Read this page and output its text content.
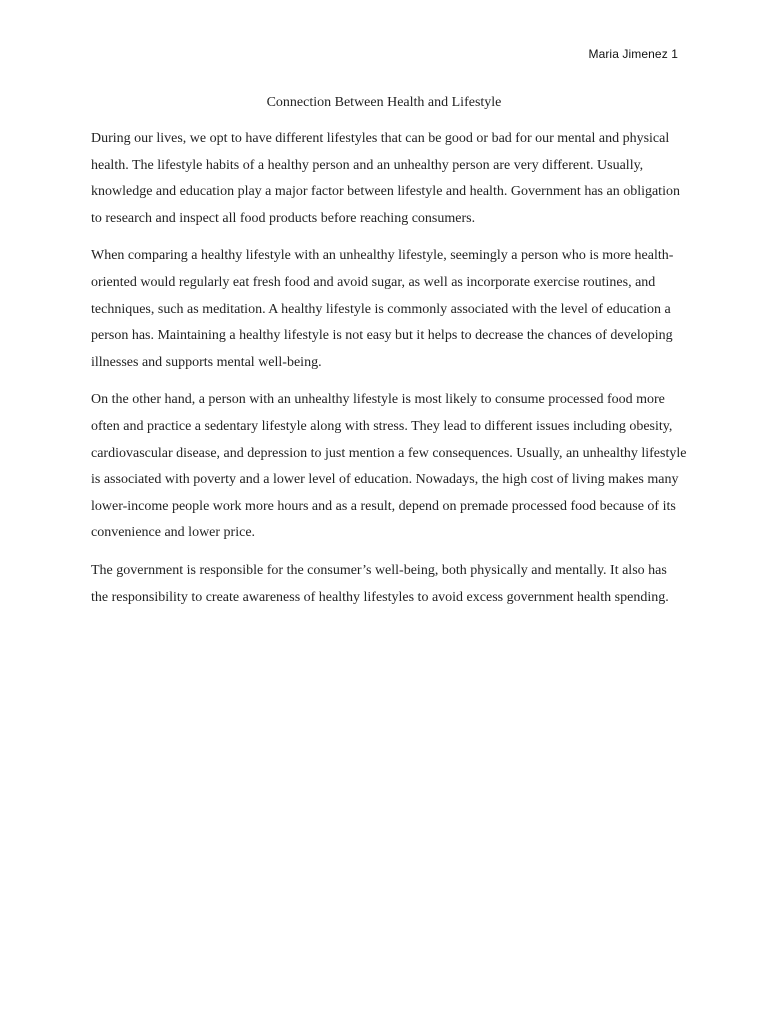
Maria Jimenez 1
Connection Between Health and Lifestyle

During our lives, we opt to have different lifestyles that can be good or bad for our mental and physical health. The lifestyle habits of a healthy person and an unhealthy person are very different. Usually, knowledge and education play a major factor between lifestyle and health. Government has an obligation to research and inspect all food products before reaching consumers.

When comparing a healthy lifestyle with an unhealthy lifestyle, seemingly a person who is more health-oriented would regularly eat fresh food and avoid sugar, as well as incorporate exercise routines, and techniques, such as meditation. A healthy lifestyle is commonly associated with the level of education a person has. Maintaining a healthy lifestyle is not easy but it helps to decrease the chances of developing illnesses and supports mental well-being.

On the other hand, a person with an unhealthy lifestyle is most likely to consume processed food more often and practice a sedentary lifestyle along with stress. They lead to different issues including obesity, cardiovascular disease, and depression to just mention a few consequences. Usually, an unhealthy lifestyle is associated with poverty and a lower level of education. Nowadays, the high cost of living makes many lower-income people work more hours and as a result, depend on premade processed food because of its convenience and lower price.

The government is responsible for the consumer’s well-being, both physically and mentally. It also has the responsibility to create awareness of healthy lifestyles to avoid excess government health spending.
